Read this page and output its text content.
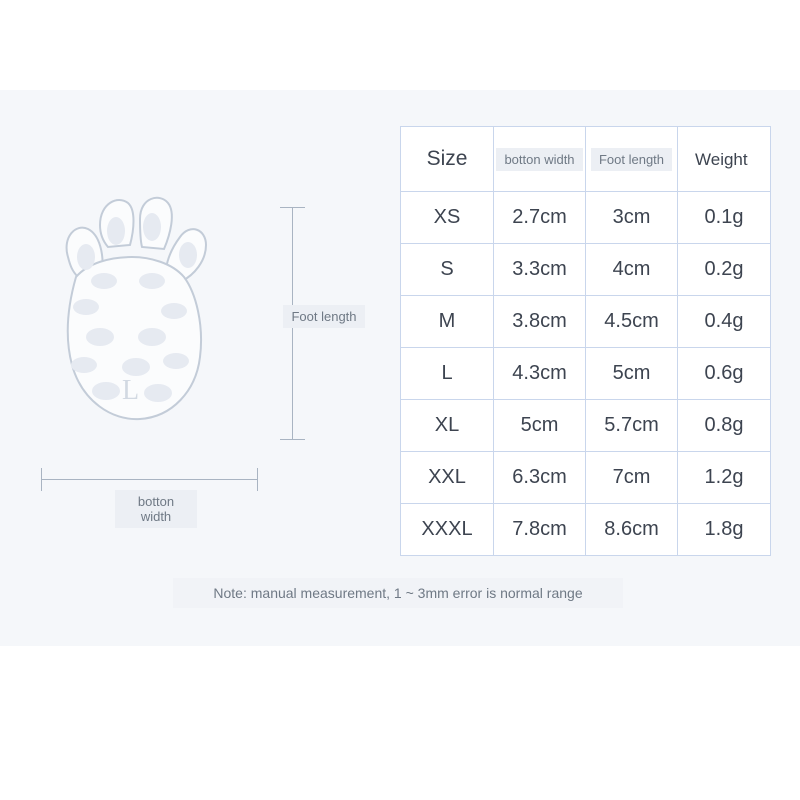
L
Foot length
botton width
Size	botton width	Foot length	Weight
XS	2.7cm	3cm	0.1g
S	3.3cm	4cm	0.2g
M	3.8cm	4.5cm	0.4g
L	4.3cm	5cm	0.6g
XL	5cm	5.7cm	0.8g
XXL	6.3cm	7cm	1.2g
XXXL	7.8cm	8.6cm	1.8g
Note: manual measurement, 1 ~ 3mm error is normal range
